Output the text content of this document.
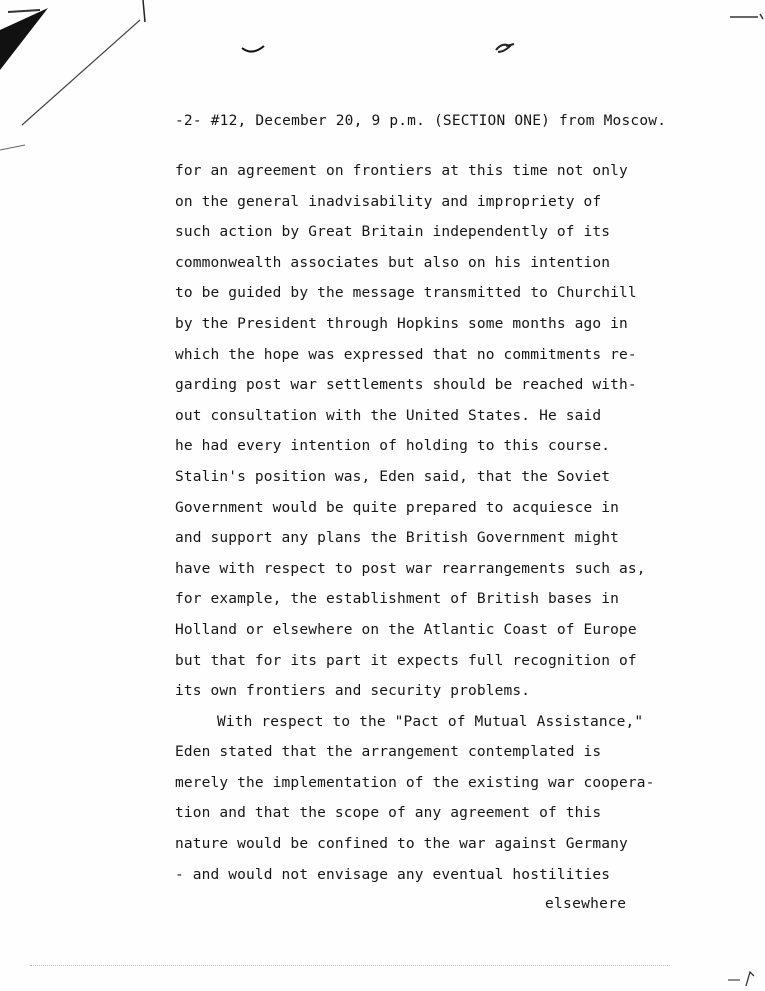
-2- #12, December 20, 9 p.m. (SECTION ONE) from Moscow.
for an agreement on frontiers at this time not only
on the general inadvisability and impropriety of
such action by Great Britain independently of its
commonwealth associates but also on his intention
to be guided by the message transmitted to Churchill
by the President through Hopkins some months ago in
which the hope was expressed that no commitments re-
garding post war settlements should be reached with-
out consultation with the United States. He said
he had every intention of holding to this course.
Stalin's position was, Eden said, that the Soviet
Government would be quite prepared to acquiesce in
and support any plans the British Government might
have with respect to post war rearrangements such as,
for example, the establishment of British bases in
Holland or elsewhere on the Atlantic Coast of Europe
but that for its part it expects full recognition of
its own frontiers and security problems.
With respect to the "Pact of Mutual Assistance,"
Eden stated that the arrangement contemplated is
merely the implementation of the existing war coopera-
tion and that the scope of any agreement of this
nature would be confined to the war against Germany
- and would not envisage any eventual hostilities
elsewhere
